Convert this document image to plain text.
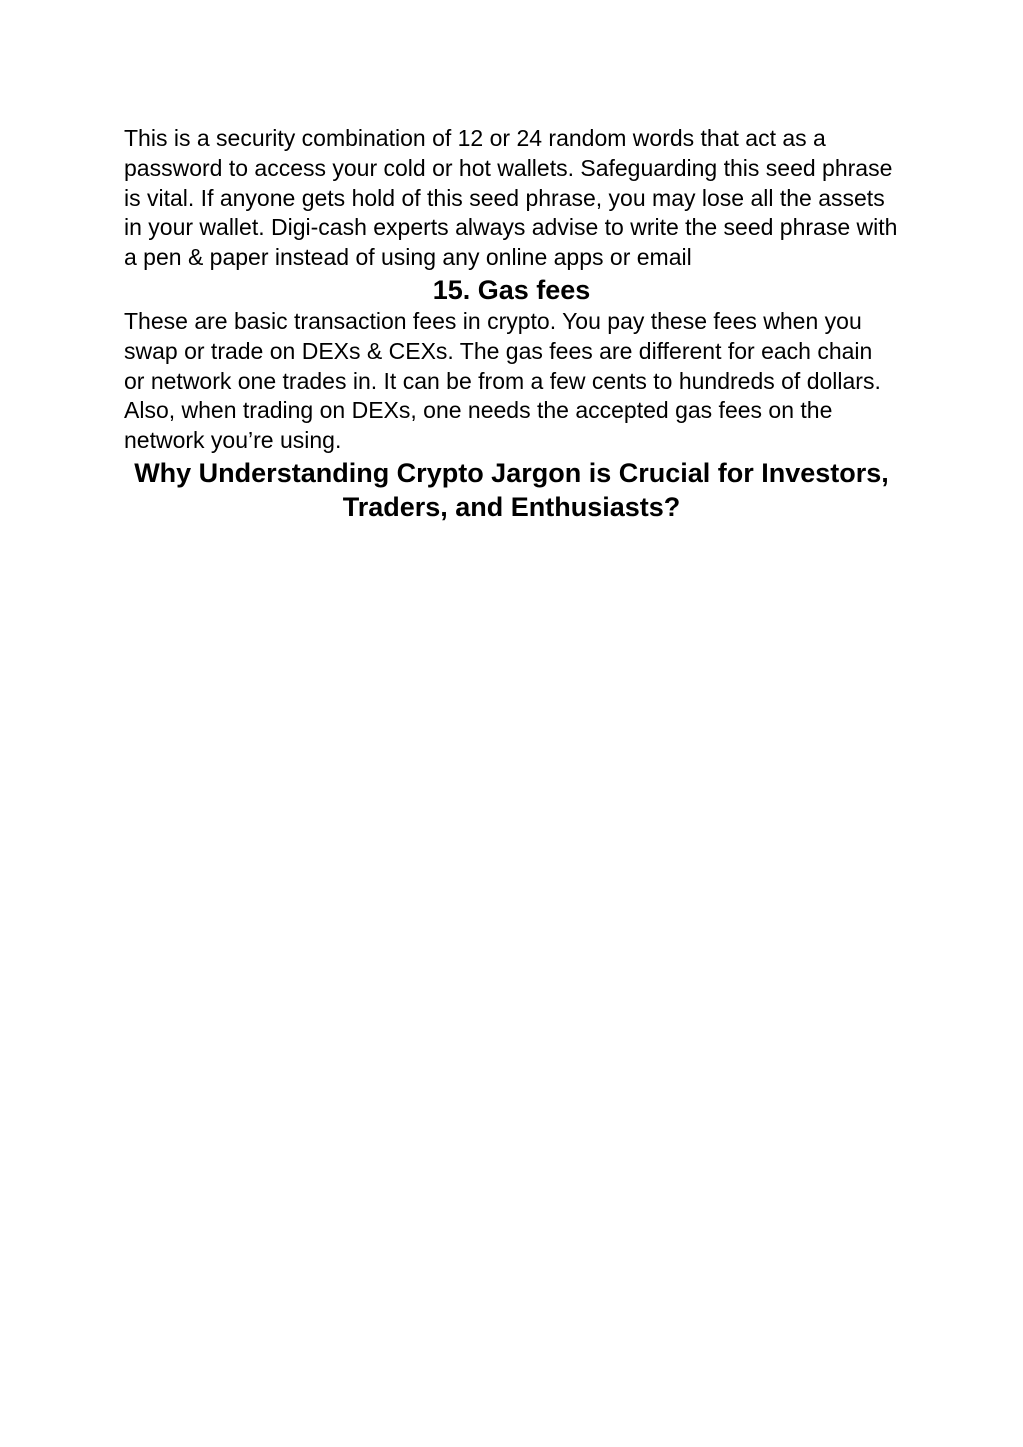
This is a security combination of 12 or 24 random words that act as a password to access your cold or hot wallets. Safeguarding this seed phrase is vital. If anyone gets hold of this seed phrase, you may lose all the assets in your wallet. Digi-cash experts always advise to write the seed phrase with a pen & paper instead of using any online apps or email

15. Gas fees

These are basic transaction fees in crypto. You pay these fees when you swap or trade on DEXs & CEXs. The gas fees are different for each chain or network one trades in. It can be from a few cents to hundreds of dollars. Also, when trading on DEXs, one needs the accepted gas fees on the network you’re using.

Why Understanding Crypto Jargon is Crucial for Investors, Traders, and Enthusiasts?
